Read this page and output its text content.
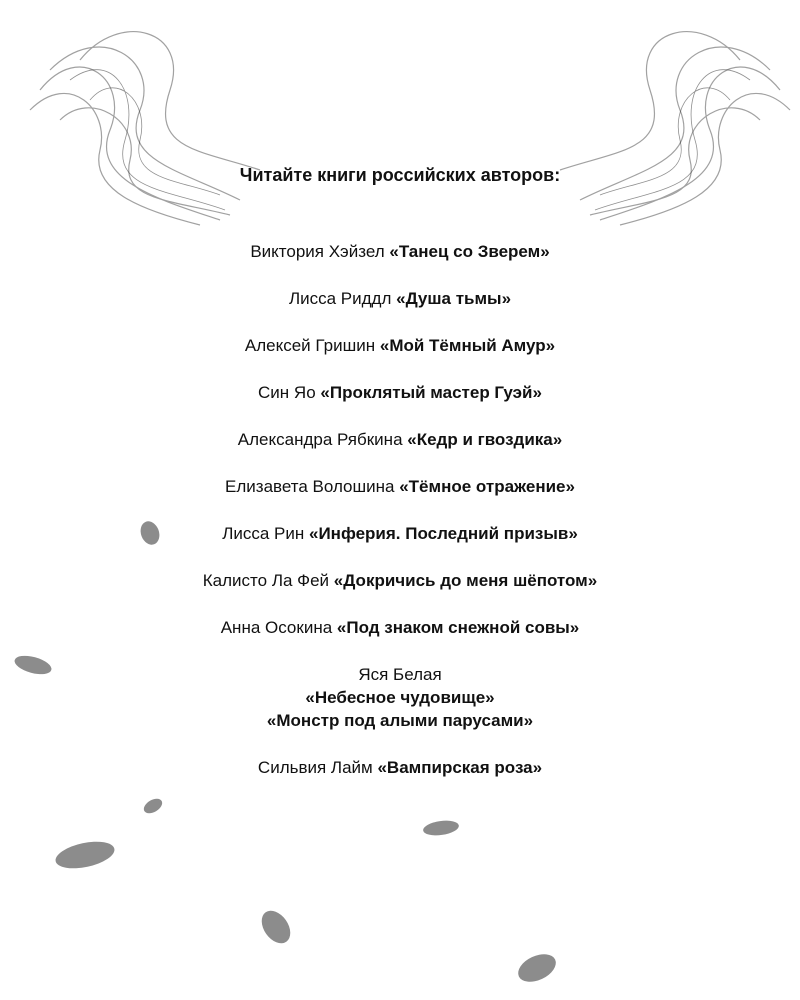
Читайте книги российских авторов:
Виктория Хэйзел «Танец со Зверем»
Лисса Риддл «Душа тьмы»
Алексей Гришин «Мой Тёмный Амур»
Син Яо «Проклятый мастер Гуэй»
Александра Рябкина «Кедр и гвоздика»
Елизавета Волошина «Тёмное отражение»
Лисса Рин «Инферия. Последний призыв»
Калисто Ла Фей «Докричись до меня шёпотом»
Анна Осокина «Под знаком снежной совы»
Яся Белая
«Небесное чудовище»
«Монстр под алыми парусами»
Сильвия Лайм «Вампирская роза»
